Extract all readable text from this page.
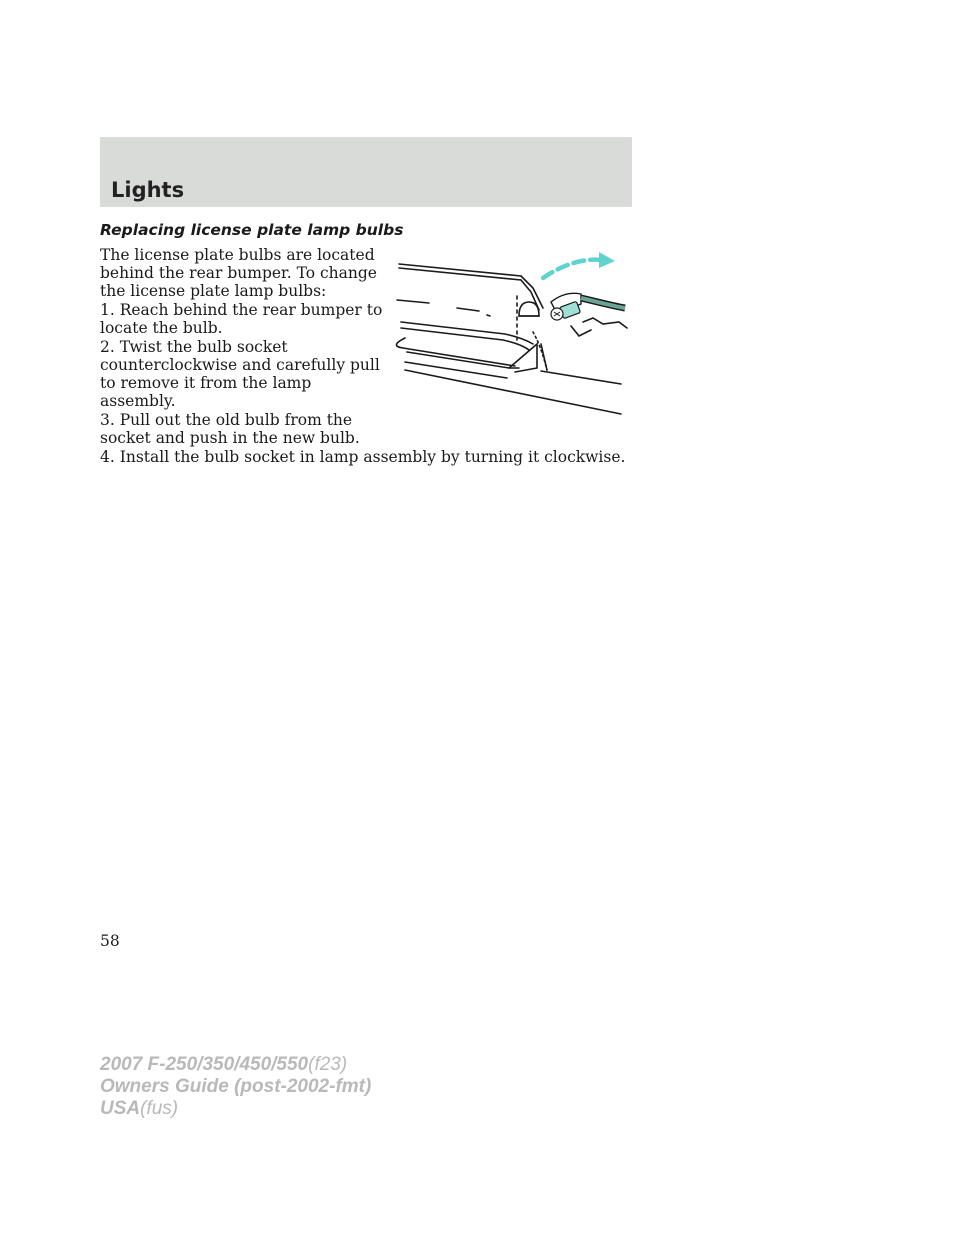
Lights
Replacing license plate lamp bulbs

The license plate bulbs are located behind the rear bumper. To change the license plate lamp bulbs:

1. Reach behind the rear bumper to locate the bulb.

2. Twist the bulb socket counterclockwise and carefully pull to remove it from the lamp assembly.

3. Pull out the old bulb from the socket and push in the new bulb.

4. Install the bulb socket in lamp assembly by turning it clockwise.

58
2007 F-250/350/450/550(f23)
Owners Guide (post-2002-fmt)
USA(fus)
